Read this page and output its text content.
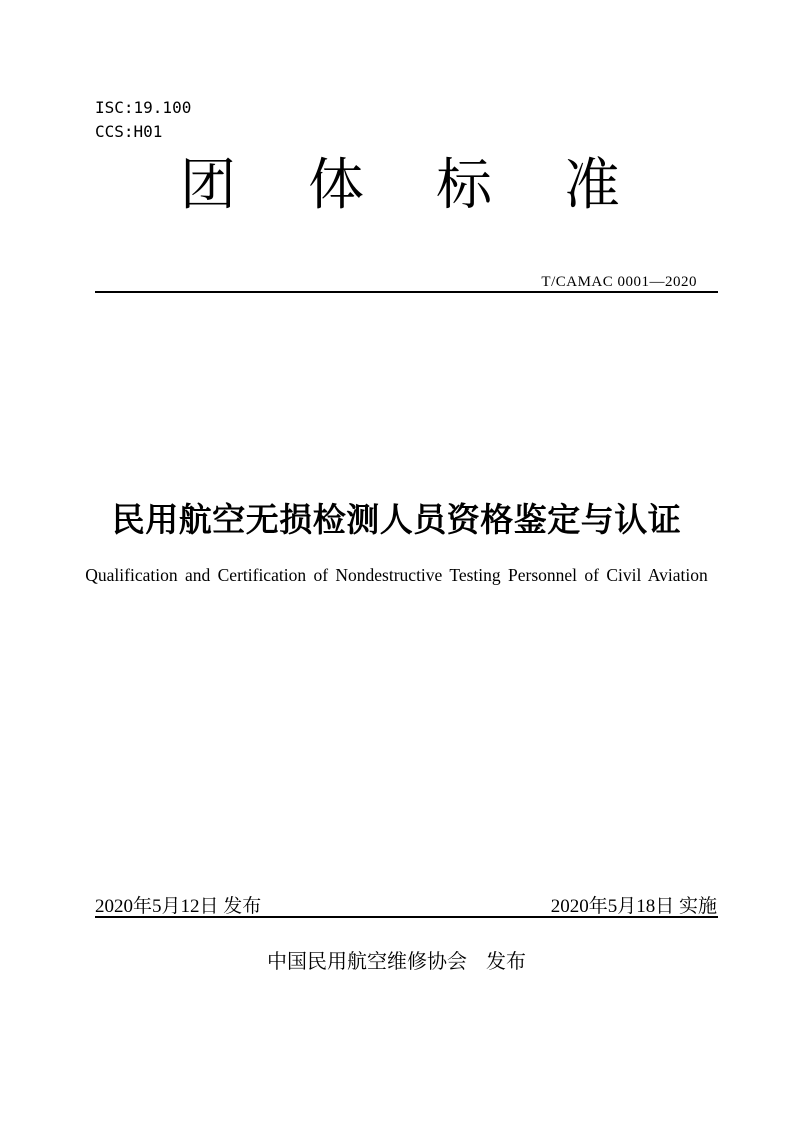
ISC:19.100
CCS:H01
团 体 标 准
T/CAMAC 0001—2020
民用航空无损检测人员资格鉴定与认证
Qualification and Certification of Nondestructive Testing Personnel of Civil Aviation
2020年5月12日 发布	2020年5月18日 实施
中国民用航空维修协会   发布
